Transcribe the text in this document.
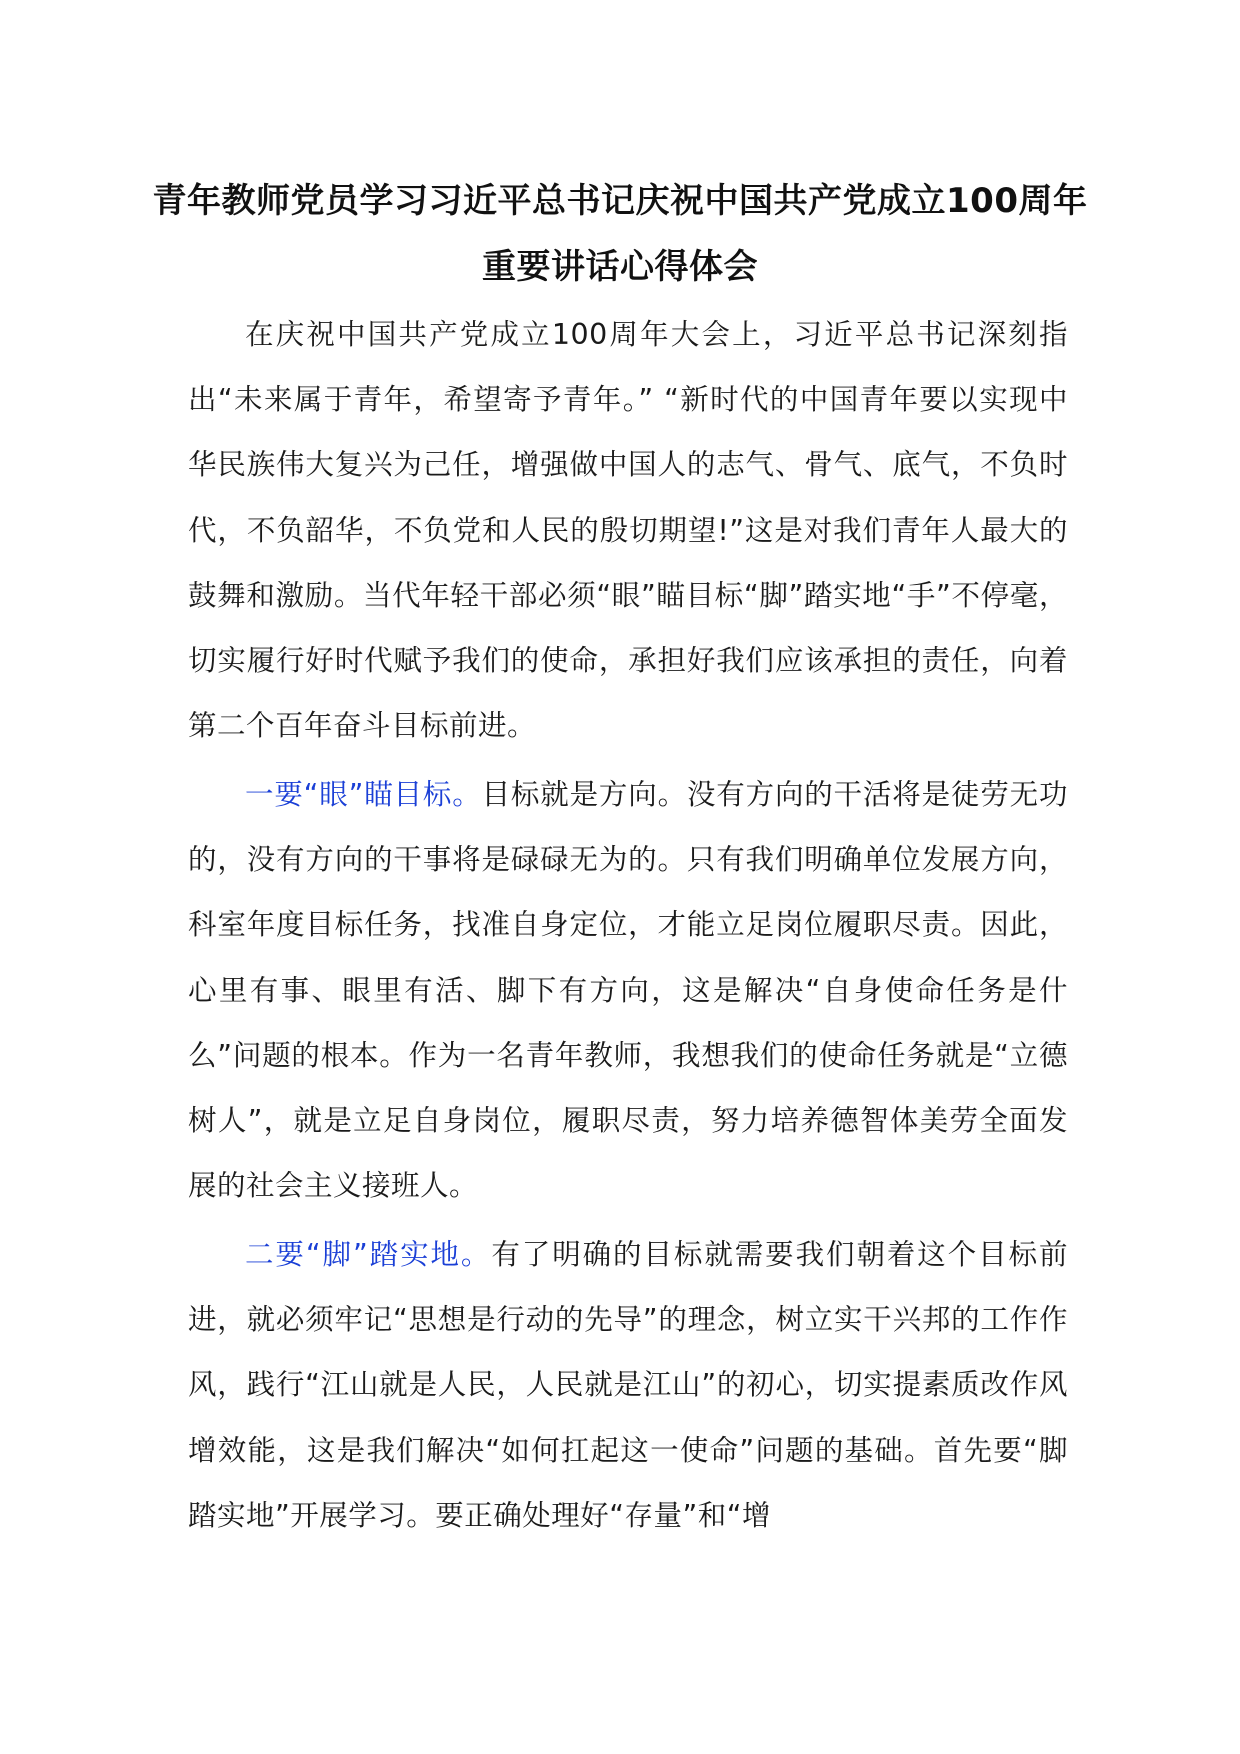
青年教师党员学习习近平总书记庆祝中国共产党成立100周年重要讲话心得体会

在庆祝中国共产党成立100周年大会上，习近平总书记深刻指出“未来属于青年，希望寄予青年。” “新时代的中国青年要以实现中华民族伟大复兴为己任，增强做中国人的志气、骨气、底气，不负时代，不负韶华，不负党和人民的殷切期望!”这是对我们青年人最大的鼓舞和激励。当代年轻干部必须“眼”瞄目标“脚”踏实地“手”不停毫，切实履行好时代赋予我们的使命，承担好我们应该承担的责任，向着第二个百年奋斗目标前进。

一要“眼”瞄目标。目标就是方向。没有方向的干活将是徒劳无功的，没有方向的干事将是碌碌无为的。只有我们明确单位发展方向，科室年度目标任务，找准自身定位，才能立足岗位履职尽责。因此，心里有事、眼里有活、脚下有方向，这是解决“自身使命任务是什么”问题的根本。作为一名青年教师，我想我们的使命任务就是“立德树人”，就是立足自身岗位，履职尽责，努力培养德智体美劳全面发展的社会主义接班人。

二要“脚”踏实地。有了明确的目标就需要我们朝着这个目标前进，就必须牢记“思想是行动的先导”的理念，树立实干兴邦的工作作风，践行“江山就是人民，人民就是江山”的初心，切实提素质改作风增效能，这是我们解决“如何扛起这一使命”问题的基础。首先要“脚踏实地”开展学习。要正确处理好“存量”和“增
